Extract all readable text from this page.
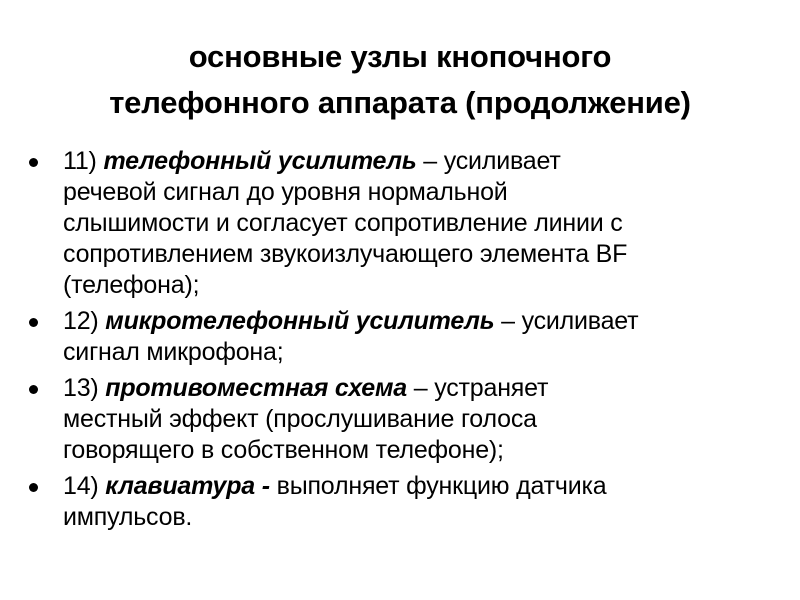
основные узлы кнопочного
телефонного аппарата (продолжение)
11) телефонный усилитель – усиливает
речевой сигнал до уровня нормальной
слышимости и согласует сопротивление линии с
сопротивлением звукоизлучающего элемента BF
(телефона);
12) микротелефонный усилитель – усиливает
сигнал микрофона;
13) противоместная схема – устраняет
местный эффект (прослушивание голоса
говорящего в собственном телефоне);
14) клавиатура - выполняет функцию датчика
импульсов.
